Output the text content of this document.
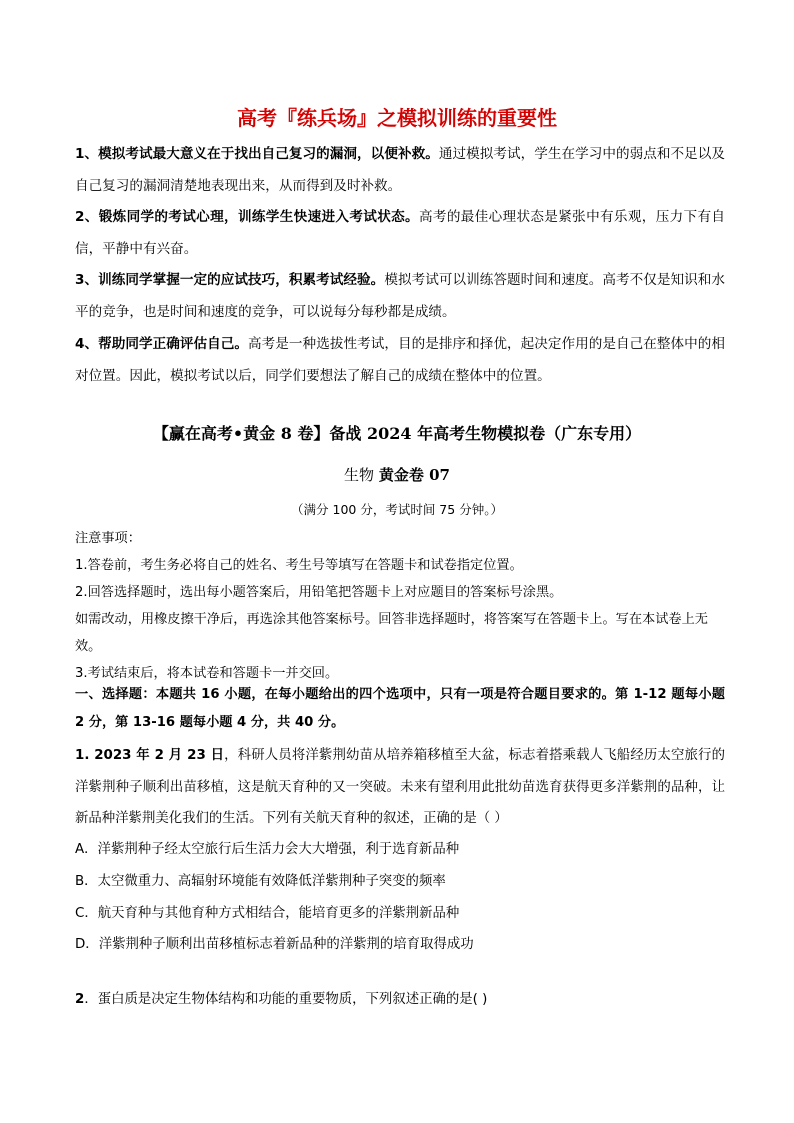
高考『练兵场』之模拟训练的重要性
1、模拟考试最大意义在于找出自己复习的漏洞，以便补救。通过模拟考试，学生在学习中的弱点和不足以及自己复习的漏洞清楚地表现出来，从而得到及时补救。
2、锻炼同学的考试心理，训练学生快速进入考试状态。高考的最佳心理状态是紧张中有乐观，压力下有自信，平静中有兴奋。
3、训练同学掌握一定的应试技巧，积累考试经验。模拟考试可以训练答题时间和速度。高考不仅是知识和水平的竞争，也是时间和速度的竞争，可以说每分每秒都是成绩。
4、帮助同学正确评估自己。高考是一种选拔性考试，目的是排序和择优，起决定作用的是自己在整体中的相对位置。因此，模拟考试以后，同学们要想法了解自己的成绩在整体中的位置。
【赢在高考•黄金 8 卷】备战 2024 年高考生物模拟卷（广东专用）
生物 黄金卷 07
（满分 100 分，考试时间 75 分钟。）
注意事项：
1.答卷前，考生务必将自己的姓名、考生号等填写在答题卡和试卷指定位置。
2.回答选择题时，选出每小题答案后，用铅笔把答题卡上对应题目的答案标号涂黑。
如需改动，用橡皮擦干净后，再选涂其他答案标号。回答非选择题时，将答案写在答题卡上。写在本试卷上无效。
3.考试结束后，将本试卷和答题卡一并交回。
一、选择题：本题共 16 小题，在每小题给出的四个选项中，只有一项是符合题目要求的。第 1-12 题每小题 2 分，第 13-16 题每小题 4 分，共 40 分。
1. 2023 年 2 月 23 日，科研人员将洋紫荆幼苗从培养箱移植至大盆，标志着搭乘载人飞船经历太空旅行的洋紫荆种子顺利出苗移植，这是航天育种的又一突破。未来有望利用此批幼苗选育获得更多洋紫荆的品种，让新品种洋紫荆美化我们的生活。下列有关航天育种的叙述，正确的是（ ）
A．洋紫荆种子经太空旅行后生活力会大大增强，利于选育新品种
B．太空微重力、高辐射环境能有效降低洋紫荆种子突变的频率
C．航天育种与其他育种方式相结合，能培育更多的洋紫荆新品种
D．洋紫荆种子顺利出苗移植标志着新品种的洋紫荆的培育取得成功
2．蛋白质是决定生物体结构和功能的重要物质，下列叙述正确的是( )
